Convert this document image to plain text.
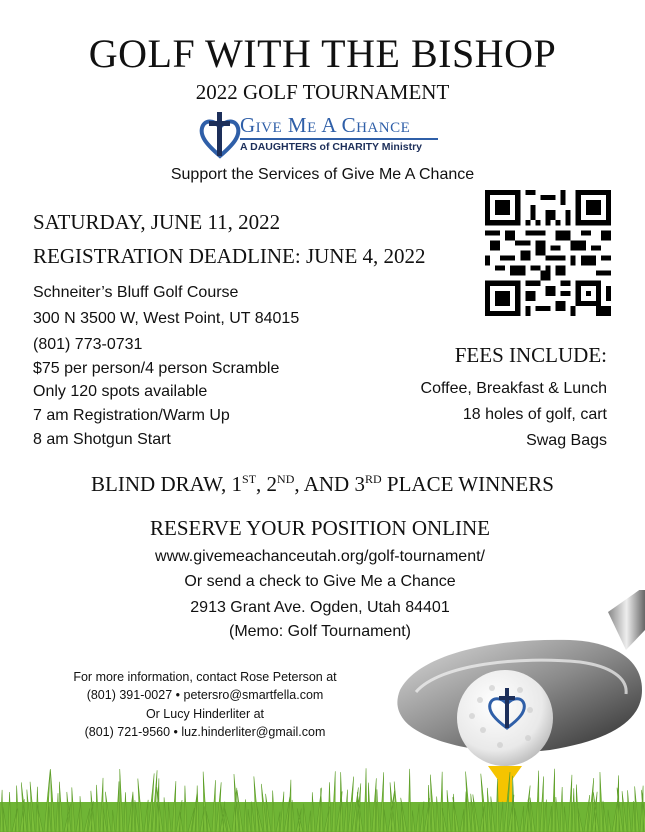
GOLF WITH THE BISHOP
2022 GOLF TOURNAMENT
Give Me A Chance
A DAUGHTERS of CHARITY Ministry
Support the Services of Give Me A Chance
SATURDAY, JUNE 11, 2022
REGISTRATION DEADLINE: JUNE 4, 2022
Schneiter’s Bluff Golf Course
300 N 3500 W, West Point, UT 84015
(801) 773-0731
$75 per person/4 person Scramble
Only 120 spots available
7 am Registration/Warm Up
8 am Shotgun Start
FEES INCLUDE:
Coffee, Breakfast & Lunch
18 holes of golf, cart
Swag Bags
BLIND DRAW, 1ST, 2ND, AND 3RD PLACE WINNERS
RESERVE YOUR POSITION ONLINE
www.givemeachanceutah.org/golf-tournament/
Or send a check to Give Me a Chance
2913 Grant Ave. Ogden, Utah 84401
(Memo: Golf Tournament)
For more information, contact Rose Peterson at
(801) 391-0027 • petersro@smartfella.com
Or Lucy Hinderliter at
(801) 721-9560 • luz.hinderliter@gmail.com
